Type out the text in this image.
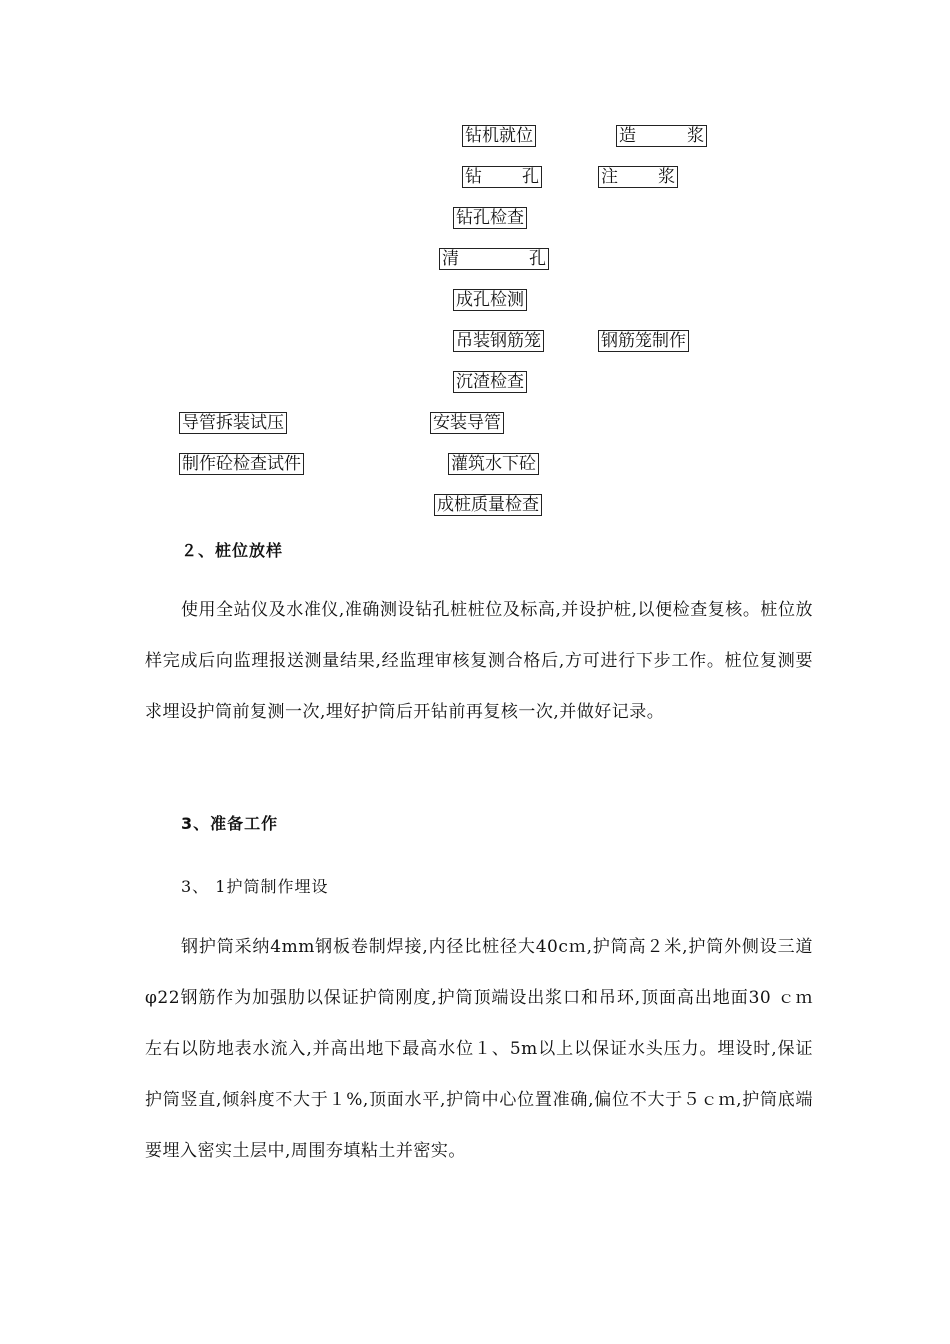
钻机就位	造	浆
钻 孔	注 浆
钻孔检查
清	孔
成孔检测
吊装钢筋笼	钢筋笼制作
沉渣检查
导管拆装试压	安装导管
制作砼检查试件	灌筑水下砼
成桩质量检查
２、桩位放样

使用全站仪及水准仪,准确测设钻孔桩桩位及标高,并设护桩,以便检查复核。桩位放样完成后向监理报送测量结果,经监理审核复测合格后,方可进行下步工作。桩位复测要求埋设护筒前复测一次,埋好护筒后开钻前再复核一次,并做好记录。

3、准备工作
3、 1护筒制作埋设

钢护筒采纳4mm钢板卷制焊接,内径比桩径大40cｍ,护筒高２米,护筒外侧设三道 φ22钢筋作为加强肋以保证护筒刚度,护筒顶端设出浆口和吊环,顶面高出地面30 ｃｍ左右以防地表水流入,并高出地下最高水位１、5m以上以保证水头压力。埋设时,保证护筒竖直,倾斜度不大于１%,顶面水平,护筒中心位置准确,偏位不大于５ｃｍ,护筒底端要埋入密实土层中,周围夯填粘土并密实。
